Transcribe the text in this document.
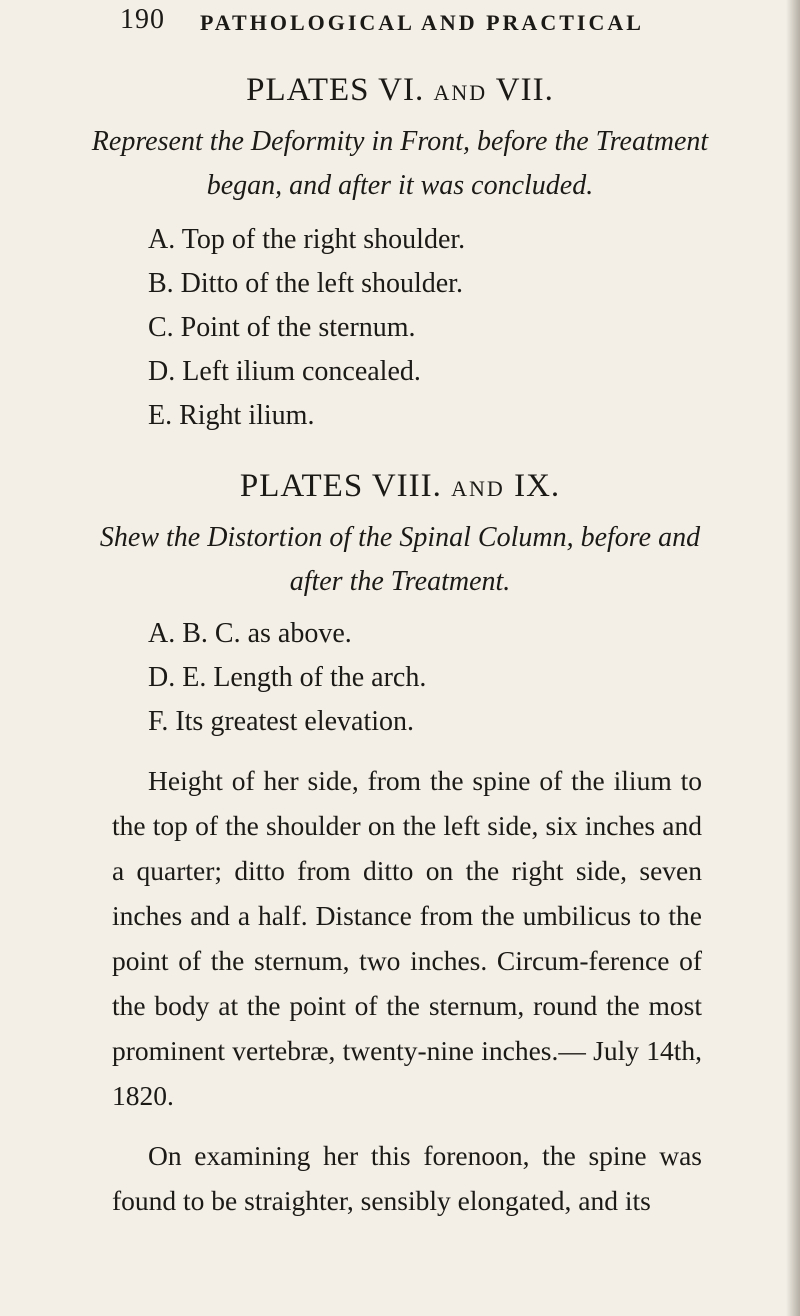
190 PATHOLOGICAL AND PRACTICAL
PLATES VI. AND VII.
Represent the Deformity in Front, before the Treatment
began, and after it was concluded.
A. Top of the right shoulder.
B. Ditto of the left shoulder.
C. Point of the sternum.
D. Left ilium concealed.
E. Right ilium.
PLATES VIII. AND IX.
Shew the Distortion of the Spinal Column, before and
after the Treatment.
A. B. C. as above.
D. E. Length of the arch.
F. Its greatest elevation.

Height of her side, from the spine of the ilium to the top of the shoulder on the left side, six inches and a quarter; ditto from ditto on the right side, seven inches and a half. Distance from the umbilicus to the point of the sternum, two inches. Circum-ference of the body at the point of the sternum, round the most prominent vertebræ, twenty-nine inches.— July 14th, 1820.

On examining her this forenoon, the spine was found to be straighter, sensibly elongated, and its
